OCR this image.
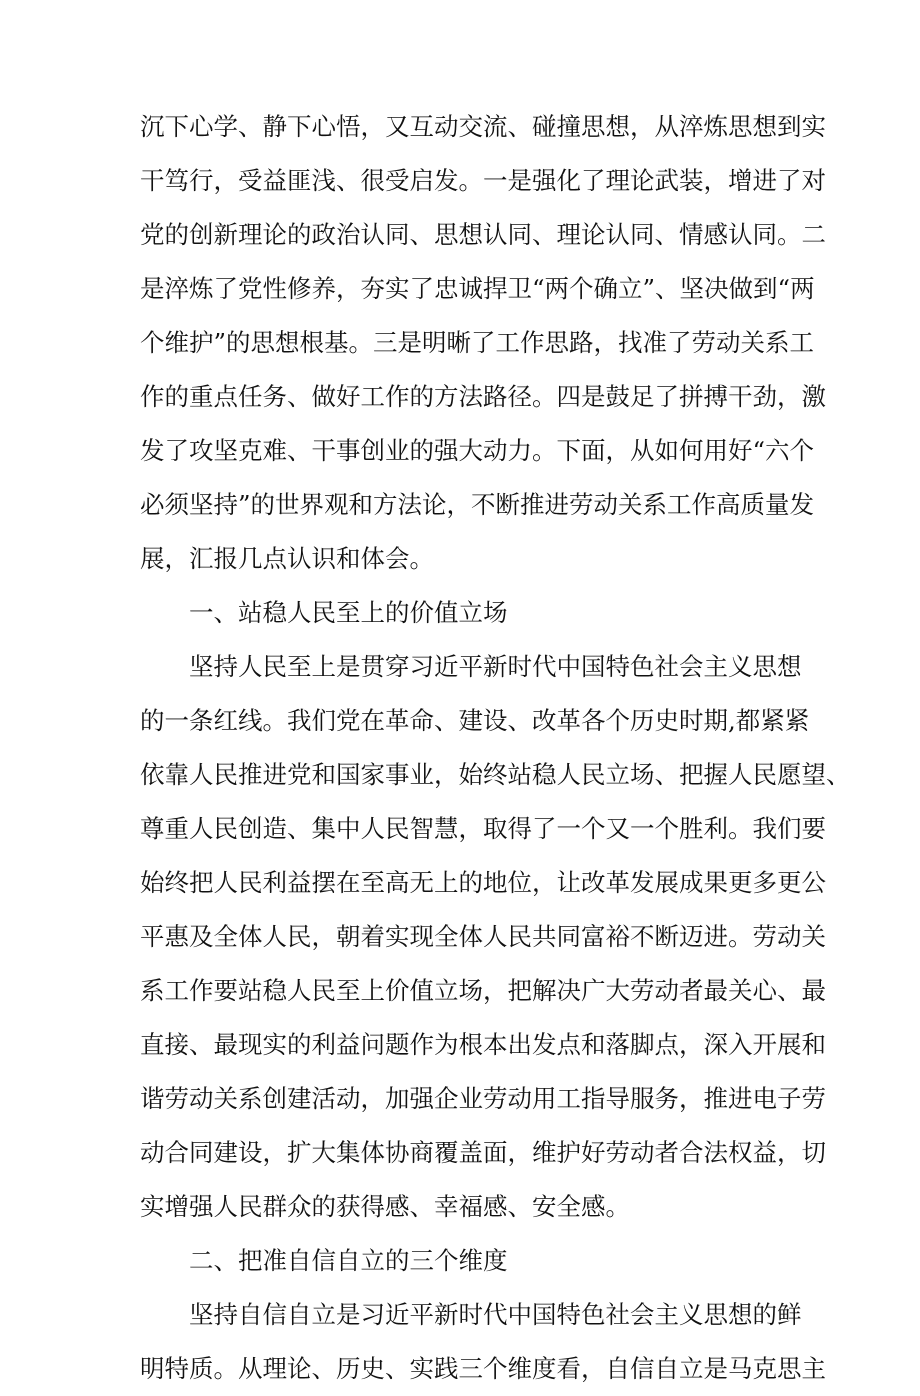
沉下心学、静下心悟，又互动交流、碰撞思想，从淬炼思想到实
干笃行，受益匪浅、很受启发。一是强化了理论武装，增进了对
党的创新理论的政治认同、思想认同、理论认同、情感认同。二
是淬炼了党性修养，夯实了忠诚捍卫“两个确立”、坚决做到“两
个维护”的思想根基。三是明晰了工作思路，找准了劳动关系工
作的重点任务、做好工作的方法路径。四是鼓足了拼搏干劲，激
发了攻坚克难、干事创业的强大动力。下面，从如何用好“六个
必须坚持”的世界观和方法论，不断推进劳动关系工作高质量发
展，汇报几点认识和体会。
一、站稳人民至上的价值立场
坚持人民至上是贯穿习近平新时代中国特色社会主义思想
的一条红线。我们党在革命、建设、改革各个历史时期,都紧紧
依靠人民推进党和国家事业，始终站稳人民立场、把握人民愿望、
尊重人民创造、集中人民智慧，取得了一个又一个胜利。我们要
始终把人民利益摆在至高无上的地位，让改革发展成果更多更公
平惠及全体人民，朝着实现全体人民共同富裕不断迈进。劳动关
系工作要站稳人民至上价值立场，把解决广大劳动者最关心、最
直接、最现实的利益问题作为根本出发点和落脚点，深入开展和
谐劳动关系创建活动，加强企业劳动用工指导服务，推进电子劳
动合同建设，扩大集体协商覆盖面，维护好劳动者合法权益，切
实增强人民群众的获得感、幸福感、安全感。
二、把准自信自立的三个维度
坚持自信自立是习近平新时代中国特色社会主义思想的鲜
明特质。从理论、历史、实践三个维度看，自信自立是马克思主
